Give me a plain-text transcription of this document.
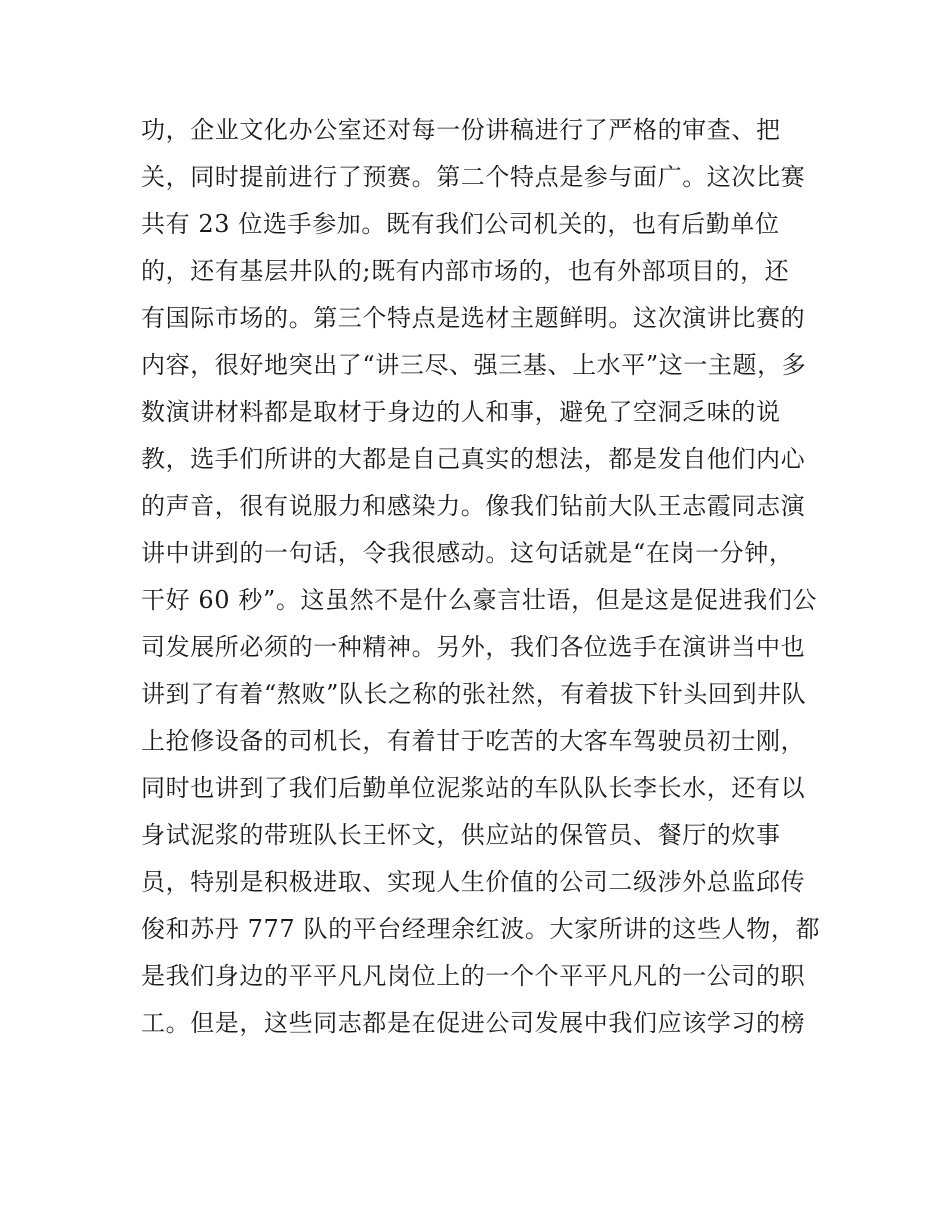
功，企业文化办公室还对每一份讲稿进行了严格的审查、把
关，同时提前进行了预赛。第二个特点是参与面广。这次比赛
共有 23 位选手参加。既有我们公司机关的，也有后勤单位
的，还有基层井队的;既有内部市场的，也有外部项目的，还
有国际市场的。第三个特点是选材主题鲜明。这次演讲比赛的
内容，很好地突出了“讲三尽、强三基、上水平”这一主题，多
数演讲材料都是取材于身边的人和事，避免了空洞乏味的说
教，选手们所讲的大都是自己真实的想法，都是发自他们内心
的声音，很有说服力和感染力。像我们钻前大队王志霞同志演
讲中讲到的一句话，令我很感动。这句话就是“在岗一分钟，
干好 60 秒”。这虽然不是什么豪言壮语，但是这是促进我们公
司发展所必须的一种精神。另外，我们各位选手在演讲当中也
讲到了有着“熬败”队长之称的张社然，有着拔下针头回到井队
上抢修设备的司机长，有着甘于吃苦的大客车驾驶员初士刚，
同时也讲到了我们后勤单位泥浆站的车队队长李长水，还有以
身试泥浆的带班队长王怀文，供应站的保管员、餐厅的炊事
员，特别是积极进取、实现人生价值的公司二级涉外总监邱传
俊和苏丹 777 队的平台经理余红波。大家所讲的这些人物，都
是我们身边的平平凡凡岗位上的一个个平平凡凡的一公司的职
工。但是，这些同志都是在促进公司发展中我们应该学习的榜
